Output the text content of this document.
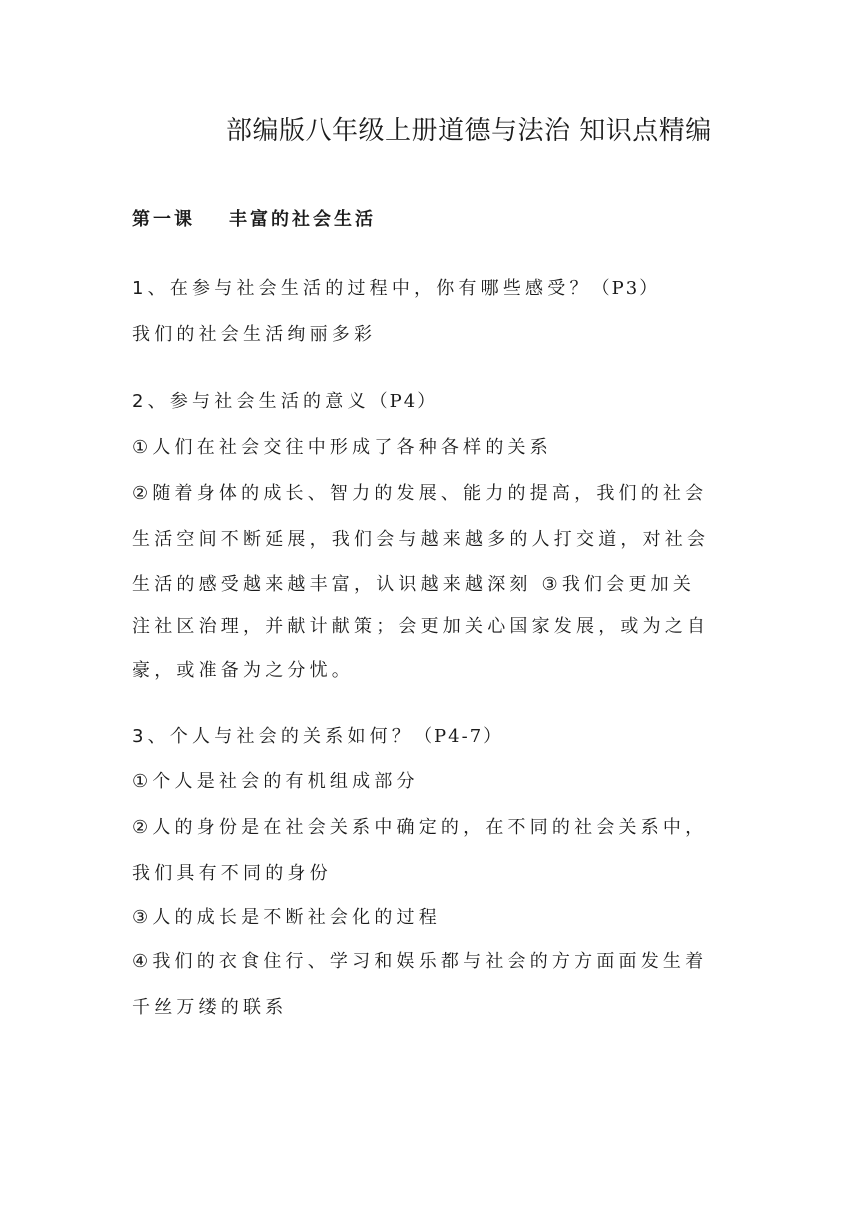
部编版八年级上册道德与法治 知识点精编
第一课 丰富的社会生活
1、在参与社会生活的过程中，你有哪些感受？（P3）
我们的社会生活绚丽多彩
2、参与社会生活的意义（P4）
①人们在社会交往中形成了各种各样的关系
②随着身体的成长、智力的发展、能力的提高，我们的社会
生活空间不断延展，我们会与越来越多的人打交道，对社会
生活的感受越来越丰富，认识越来越深刻 ③我们会更加关
注社区治理，并献计献策；会更加关心国家发展，或为之自
豪，或准备为之分忧。
3、个人与社会的关系如何？（P4-7）
①个人是社会的有机组成部分
②人的身份是在社会关系中确定的，在不同的社会关系中，
我们具有不同的身份
③人的成长是不断社会化的过程
④我们的衣食住行、学习和娱乐都与社会的方方面面发生着
千丝万缕的联系
